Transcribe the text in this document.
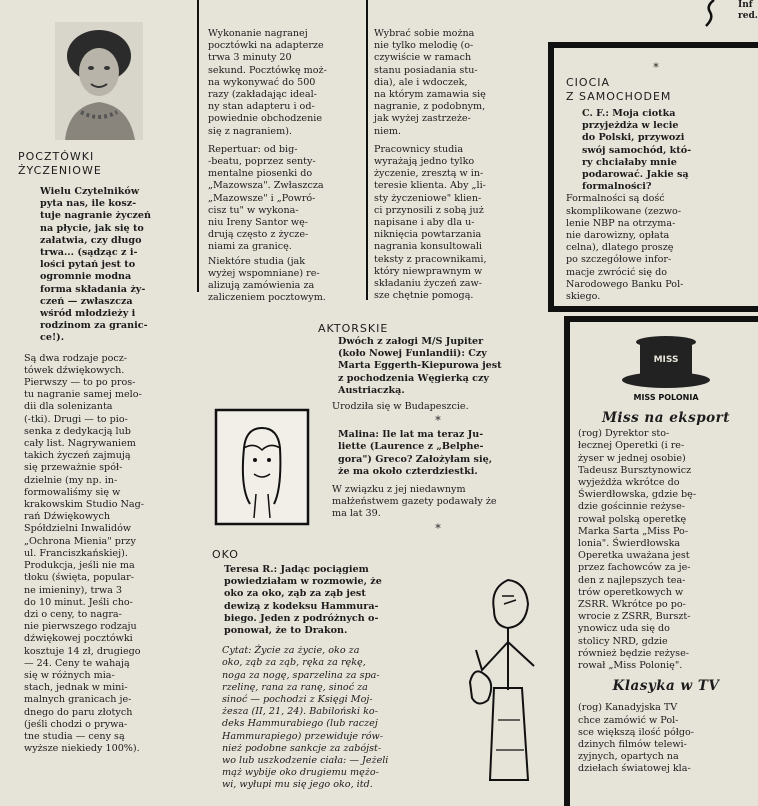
Inf
red.
POCZTÓWKI
ŻYCZENIOWE
Wielu Czytelników
pyta nas, ile kosz-
tuje nagranie życzeń
na płycie, jak się to
załatwia, czy długo
trwa... (sądząc z i-
lości pytań jest to
ogromnie modna
forma składania ży-
czeń — zwłaszcza
wśród młodzieży i
rodzinom za granic-
ce!).
Są dwa rodzaje pocz-
tówek dźwiękowych.
Pierwszy — to po pros-
tu nagranie samej melo-
dii dla solenizanta
(-tki). Drugi — to pio-
senka z dedykacją lub
cały list. Nagrywaniem
takich życzeń zajmują
się przeważnie spół-
dzielnie (my np. in-
formowaliśmy się w
krakowskim Studio Nag-
rań Dźwiękowych
Spółdzielni Inwalidów
„Ochrona Mienia" przy
ul. Franciszkańskiej).
Produkcja, jeśli nie ma
tłoku (święta, popular-
ne imieniny), trwa 3
do 10 minut. Jeśli cho-
dzi o ceny, to nagra-
nie pierwszego rodzaju
dźwiękowej pocztówki
kosztuje 14 zł, drugiego
— 24. Ceny te wahają
się w różnych mia-
stach, jednak w mini-
malnych granicach je-
dnego do paru złotych
(jeśli chodzi o prywa-
tne studia — ceny są
wyższe niekiedy 100%).
Wykonanie nagranej
pocztówki na adapterze
trwa 3 minuty 20
sekund. Pocztówkę moż-
na wykonywać do 500
razy (zakładając ideal-
ny stan adapteru i od-
powiednie obchodzenie
się z nagraniem).
Repertuar: od big-
-beatu, poprzez senty-
mentalne piosenki do
„Mazowsza". Zwłaszcza
„Mazowsze" i „Powró-
cisz tu" w wykona-
niu Ireny Santor wę-
drują często z życze-
niami za granicę.
Niektóre studia (jak
wyżej wspomniane) re-
alizują zamówienia za
zaliczeniem pocztowym.
Wybrać sobie można
nie tylko melodię (o-
czywiście w ramach
stanu posiadania stu-
dia), ale i wdoczek,
na którym zamawia się
nagranie, z podobnym,
jak wyżej zastrzeże-
niem.
Pracownicy studia
wyrażają jedno tylko
życzenie, zresztą w in-
teresie klienta. Aby „li-
sty życzeniowe" klien-
ci przynosili z sobą już
napisane i aby dla u-
niknięcia powtarzania
nagrania konsultowali
teksty z pracownikami,
który niewprawnym w
składaniu życzeń zaw-
sze chętnie pomogą.
*
CIOCIA
Z SAMOCHODEM
C. F.: Moja ciotka
przyjeżdża w lecie
do Polski, przywozi
swój samochód, któ-
ry chciałaby mnie
podarować. Jakie są
formalności?
Formalności są dość
skomplikowane (zezwo-
lenie NBP na otrzyma-
nie darowizny, opłata
celna), dlatego proszę
po szczegółowe infor-
macje zwrócić się do
Narodowego Banku Pol-
skiego.
AKTORSKIE
Dwóch z załogi M/S Jupiter
(koło Nowej Funlandii): Czy
Marta Eggerth-Kiepurowa jest
z pochodzenia Węgierką czy
Austriaczką.
Urodziła się w Budapeszcie.
*
Malina: Ile lat ma teraz Ju-
liette (Laurence z „Belphe-
gora") Greco? Założyłam się,
że ma około czterdziestki.
W związku z jej niedawnym
małżeństwem gazety podawały że
ma lat 39.
*
OKO
Teresa R.: Jadąc pociągiem
powiedziałam w rozmowie, że
oko za oko, ząb za ząb jest
dewizą z kodeksu Hammura-
biego. Jeden z podróżnych o-
ponował, że to Drakon.
Cytat: Życie za życie, oko za
oko, ząb za ząb, ręka za rękę,
noga za nogę, sparzelina za spa-
rzelinę, rana za ranę, sinoć za
sinoć — pochodzi z Księgi Moj-
żesza (II, 21, 24). Babiloński ko-
deks Hammurabiego (lub raczej
Hammurapiego) przewiduje rów-
nież podobne sankcje za zabójst-
wo lub uszkodzenie ciała: — Jeżeli
mąż wybije oko drugiemu mężo-
wi, wyłupi mu się jego oko, itd.
MISS
MISS POLONIA
Miss na eksport
(rog) Dyrektor sto-
łecznej Operetki (i re-
żyser w jednej osobie)
Tadeusz Bursztynowicz
wyjeżdża wkrótce do
Świerdłowska, gdzie bę-
dzie gościnnie reżyse-
rował polską operetkę
Marka Sarta „Miss Po-
lonia". Świerdłowska
Operetka uważana jest
przez fachowców za je-
den z najlepszych tea-
trów operetkowych w
ZSRR. Wkrótce po po-
wrocie z ZSRR, Burszt-
ynowicz uda się do
stolicy NRD, gdzie
również będzie reżyse-
rował „Miss Polonię".
Klasyka w TV
(rog) Kanadyjska TV
chce zamówić w Pol-
sce większą ilość półgo-
dzinych filmów telewi-
zyjnych, opartych na
dziełach światowej kla-
